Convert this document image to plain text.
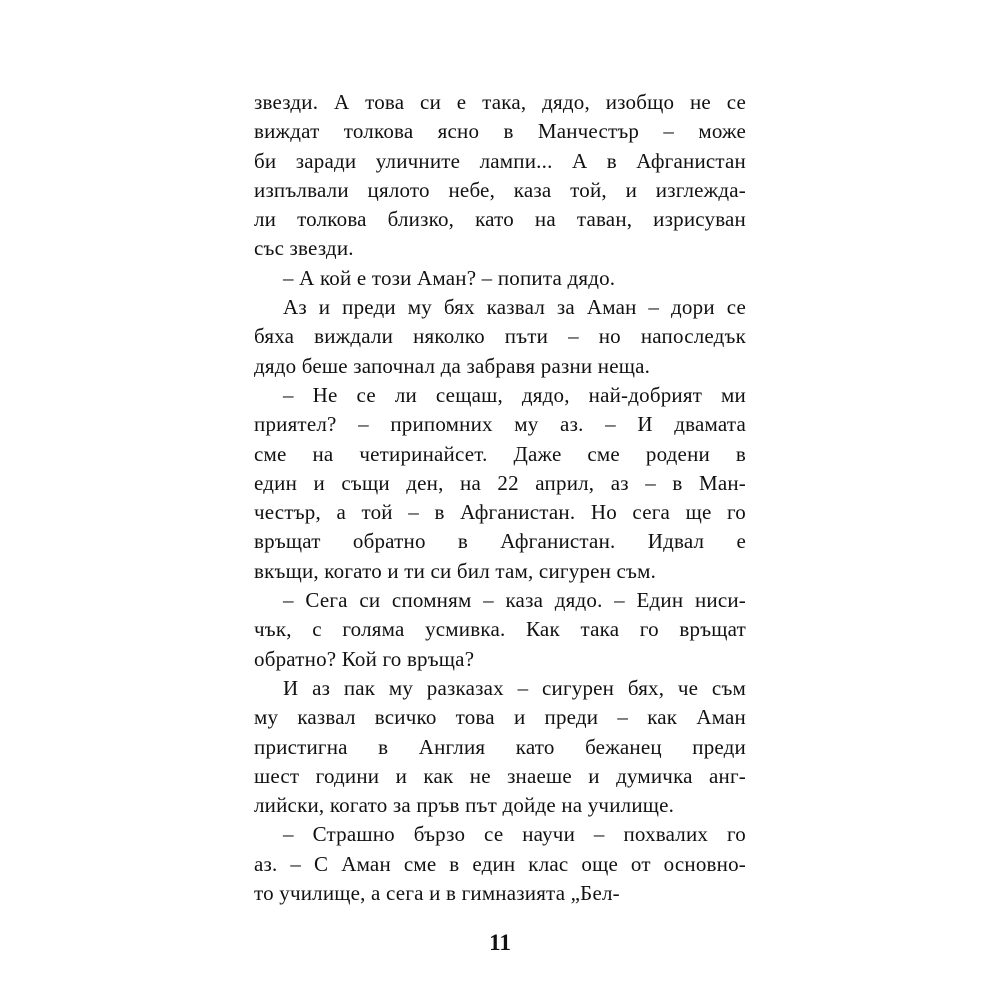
звезди. А това си е така, дядо, изобщо не се
виждат толкова ясно в Манчестър – може
би заради уличните лампи... А в Афганистан
изпълвали цялото небе, каза той, и изглежда-
ли толкова близко, като на таван, изрисуван
със звезди.
– А кой е този Аман? – попита дядо.
Аз и преди му бях казвал за Аман – дори се
бяха виждали няколко пъти – но напоследък
дядо беше започнал да забравя разни неща.
– Не се ли сещаш, дядо, най-добрият ми
приятел? – припомних му аз. – И двамата
сме на четиринайсет. Даже сме родени в
един и същи ден, на 22 април, аз – в Ман-
честър, а той – в Афганистан. Но сега ще го
връщат обратно в Афганистан. Идвал е
вкъщи, когато и ти си бил там, сигурен съм.
– Сега си спомням – каза дядо. – Един ниси-
чък, с голяма усмивка. Как така го връщат
обратно? Кой го връща?
И аз пак му разказах – сигурен бях, че съм
му казвал всичко това и преди – как Аман
пристигна в Англия като бежанец преди
шест години и как не знаеше и думичка анг-
лийски, когато за пръв път дойде на училище.
– Страшно бързо се научи – похвалих го
аз. – С Аман сме в един клас още от основно-
то училище, а сега и в гимназията „Бел-
11
